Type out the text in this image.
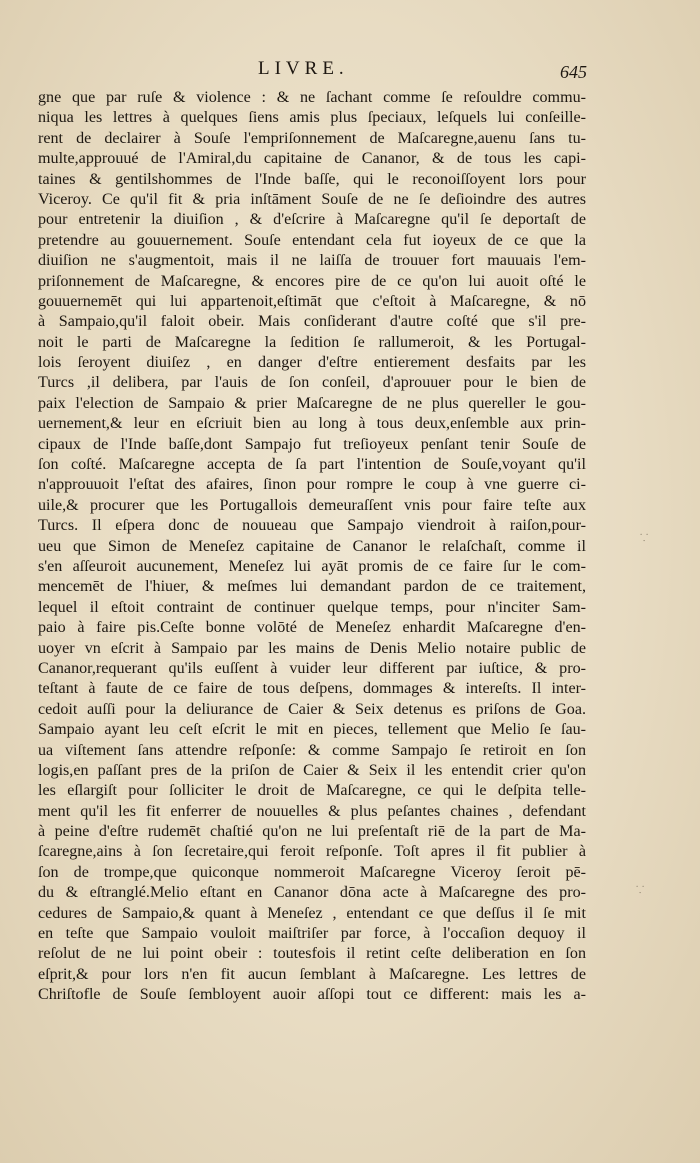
LIVRE.	645
gne que par ruſe & violence : & ne ſachant comme ſe reſouldre commu-
niqua les lettres à quelques ſiens amis plus ſpeciaux, leſquels lui conſeille-
rent de declairer à Souſe l'empriſonnement de Maſcaregne,auenu ſans tu-
multe,approuué de l'Amiral,du capitaine de Cananor, & de tous les capi-
taines & gentilshommes de l'Inde baſſe, qui le reconoiſſoyent lors pour
Viceroy. Ce qu'il fit & pria inſtāment Souſe de ne ſe deſioindre des autres
pour entretenir la diuiſion , & d'eſcrire à Maſcaregne qu'il ſe deportaſt de
pretendre au gouuernement. Souſe entendant cela fut ioyeux de ce que la
diuiſion ne s'augmentoit, mais il ne laiſſa de trouuer fort mauuais l'em-
priſonnement de Maſcaregne, & encores pire de ce qu'on lui auoit oſté le
gouuernemēt qui lui appartenoit,eſtimāt que c'eſtoit à Maſcaregne, & nō
à Sampaio,qu'il faloit obeir. Mais conſiderant d'autre coſté que s'il pre-
noit le parti de Maſcaregne la ſedition ſe rallumeroit, & les Portugal-
lois ſeroyent diuiſez , en danger d'eſtre entierement desfaits par les
Turcs ,il delibera, par l'auis de ſon conſeil, d'aprouuer pour le bien de
paix l'election de Sampaio & prier Maſcaregne de ne plus quereller le gou-
uernement,& leur en eſcriuit bien au long à tous deux,enſemble aux prin-
cipaux de l'Inde baſſe,dont Sampajo fut treſioyeux penſant tenir Souſe de
ſon coſté. Maſcaregne accepta de ſa part l'intention de Souſe,voyant qu'il
n'approuuoit l'eſtat des afaires, ſinon pour rompre le coup à vne guerre ci-
uile,& procurer que les Portugallois demeuraſſent vnis pour faire teſte aux
Turcs. Il eſpera donc de nouueau que Sampajo viendroit à raiſon,pour-
ueu que Simon de Meneſez capitaine de Cananor le relaſchaſt, comme il
s'en aſſeuroit aucunement, Meneſez lui ayāt promis de ce faire ſur le com-
mencemēt de l'hiuer, & meſmes lui demandant pardon de ce traitement,
lequel il eſtoit contraint de continuer quelque temps, pour n'inciter Sam-
paio à faire pis.Ceſte bonne volōté de Meneſez enhardit Maſcaregne d'en-
uoyer vn eſcrit à Sampaio par les mains de Denis Melio notaire public de
Cananor,requerant qu'ils euſſent à vuider leur different par iuſtice, & pro-
teſtant à faute de ce faire de tous deſpens, dommages & intereſts. Il inter-
cedoit auſſi pour la deliurance de Caier & Seix detenus es priſons de Goa.
Sampaio ayant leu ceſt eſcrit le mit en pieces, tellement que Melio ſe ſau-
ua viſtement ſans attendre reſponſe: & comme Sampajo ſe retiroit en ſon
logis,en paſſant pres de la priſon de Caier & Seix il les entendit crier qu'on
les eſlargiſt pour ſolliciter le droit de Maſcaregne, ce qui le deſpita telle-
ment qu'il les fit enferrer de nouuelles & plus peſantes chaines , defendant
à peine d'eſtre rudemēt chaſtié qu'on ne lui preſentaſt riē de la part de Ma-
ſcaregne,ains à ſon ſecretaire,qui feroit reſponſe. Toſt apres il fit publier à
ſon de trompe,que quiconque nommeroit Maſcaregne Viceroy ſeroit pē-
du & eſtranglé.Melio eſtant en Cananor dōna acte à Maſcaregne des pro-
cedures de Sampaio,& quant à Meneſez , entendant ce que deſſus il ſe mit
en teſte que Sampaio vouloit maiſtriſer par force, à l'occaſion dequoy il
reſolut de ne lui point obeir : toutesfois il retint ceſte deliberation en ſon
eſprit,& pour lors n'en fit aucun ſemblant à Maſcaregne. Les lettres de
Chriſtofle de Souſe ſembloyent auoir aſſopi tout ce different: mais les a-
⸪
⸪
